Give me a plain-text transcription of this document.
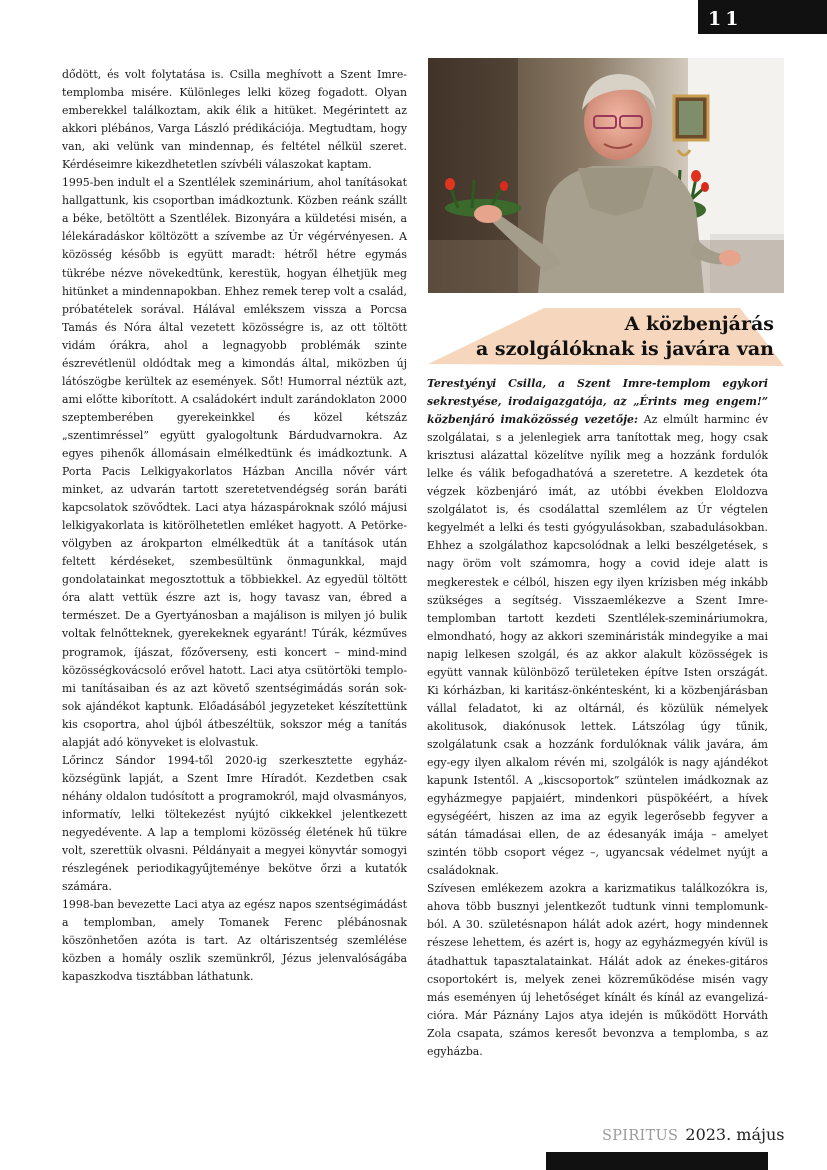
11

dődött, és volt folytatása is. Csilla meghívott a Szent Imre-templomba misére. Különleges lelki közeg fogadott. Olyan emberekkel találkoztam, akik élik a hitüket. Megérintett az akkori plébános, Varga László prédikációja. Megtudtam, hogy van, aki velünk van mindennap, és feltétel nélkül szeret. Kérdéseimre kikezdhetetlen szívbéli válaszokat kaptam.

1995-ben indult el a Szentlélek szeminárium, ahol tanításokat hallgattunk, kis csoportban imádkoztunk. Közben reánk szállt a béke, betöltött a Szentlélek. Bizonyára a küldetési misén, a lélekáradáskor költözött a szívembe az Úr végérvényesen. A közösség később is együtt maradt: hétről hétre egymás tükrébe nézve növekedtünk, kerestük, hogyan élhetjük meg hitünket a mindennapokban. Ehhez remek terep volt a család, próbatételek sorával. Hálával emlékszem vissza a Porcsa Tamás és Nóra által vezetett közösségre is, az ott töltött vidám órákra, ahol a legnagyobb problémák szinte észrevétlenül oldódtak meg a kimondás által, miközben új látószögbe kerültek az események. Sőt! Humorral néztük azt, ami előtte kiborított. A családokért indult zarándoklaton 2000 szeptemberében gyerekeinkkel és közel kétszáz „szentimréssel” együtt gyalogoltunk Bárdudvarnokra. Az egyes pihenők állomásain elmélkedtünk és imádkoztunk. A Porta Pacis Lelkigyakorlatos Házban Ancilla nővér várt minket, az udvarán tartott szeretetvendégség során baráti kapcsolatok szövődtek. Laci atya házaspároknak szóló májusi lelkigyakorlata is kitörölhetetlen emléket hagyott. A Petörke-völgyben az árokparton elmélkedtük át a tanítások után feltett kérdéseket, szembesültünk önmagunkkal, majd gondolatainkat megosztottuk a többiekkel. Az egyedül töltött óra alatt vettük észre azt is, hogy tavasz van, ébred a természet. De a Gyertyánosban a majálison is milyen jó bulik voltak felnőtteknek, gyerekeknek egyaránt! Túrák, kézműves programok, íjászat, főzőverseny, esti koncert – mind-mind közösségkovácsoló erővel hatott. Laci atya csütörtöki templomi tanításaiban és az azt követő szentségimádás során sok-sok ajándékot kaptunk. Előadásából jegyzeteket készítettünk kis csoportra, ahol újból átbeszéltük, sokszor még a tanítás alapját adó könyveket is elolvastuk.

Lőrincz Sándor 1994-től 2020-ig szerkesztette egyházközségünk lapját, a Szent Imre Híradót. Kezdetben csak néhány oldalon tudósított a programokról, majd olvasmányos, informatív, lelki töltekezést nyújtó cikkekkel jelentkezett negyedévente. A lap a templomi közösség életének hű tükre volt, szerettük olvasni. Példányait a megyei könyvtár somogyi részlegének periodikagyűjteménye bekötve őrzi a kutatók számára.

1998-ban bevezette Laci atya az egész napos szentségimádást a templomban, amely Tomanek Ferenc plébánosnak köszönhetően azóta is tart. Az oltáriszentség szemlélése közben a homály oszlik szemünkről, Jézus jelenvalóságába kapaszkodva tisztábban láthatunk.

A közbenjárás
a szolgálóknak is javára van

Terestyényi Csilla, a Szent Imre-templom egykori sekrestyése, irodaigazgatója, az „Érints meg engem!” közbenjáró imaközösség vezetője: Az elmúlt harminc év szolgálatai, s a jelenlegiek arra tanítottak meg, hogy csak krisztusi alázattal közelítve nyílik meg a hozzánk fordulók lelke és válik befogadhatóvá a szeretetre. A kezdetek óta végzek közbenjáró imát, az utóbbi években Eloldozva szolgálatot is, és csodálattal szemlélem az Úr végtelen kegyelmét a lelki és testi gyógyulásokban, szabadulásokban. Ehhez a szolgálathoz kapcsolódnak a lelki beszélgetések, s nagy öröm volt számomra, hogy a covid ideje alatt is megkerestek e célból, hiszen egy ilyen krízisben még inkább szükséges a segítség. Visszaemlékezve a Szent Imre-templomban tartott kezdeti Szentlélek-szemináriumokra, elmondható, hogy az akkori szemináristák mindegyike a mai napig lelkesen szolgál, és az akkor alakult közösségek is együtt vannak különböző területeken építve Isten országát. Ki kórházban, ki karitász-önkéntesként, ki a közbenjárásban vállal feladatot, ki az oltárnál, és közülük némelyek akolitusok, diakónusok lettek. Látszólag úgy tűnik, szolgálatunk csak a hozzánk fordulóknak válik javára, ám egy-egy ilyen alkalom révén mi, szolgálók is nagy ajándékot kapunk Istentől. A „kiscsoportok” szüntelen imádkoznak az egyházmegye papjaiért, mindenkori püspökéért, a hívek egységéért, hiszen az ima az egyik legerősebb fegyver a sátán támadásai ellen, de az édesanyák imája – amelyet szintén több csoport végez –, ugyancsak védelmet nyújt a családoknak.

Szívesen emlékezem azokra a karizmatikus találkozókra is, ahova több busznyi jelentkezőt tudtunk vinni templomunkból. A 30. születésnapon hálát adok azért, hogy mindennek részese lehettem, és azért is, hogy az egyházmegyén kívül is átadhattuk tapasztalatainkat. Hálát adok az énekes-gitáros csoportokért is, melyek zenei közreműködése misén vagy más eseményen új lehetőséget kínált és kínál az evangelizációra. Már Páznány Lajos atya idején is működött Horváth Zola csapata, számos keresőt bevonzva a templomba, s az egyházba.

SPIRITUS 2023. május
